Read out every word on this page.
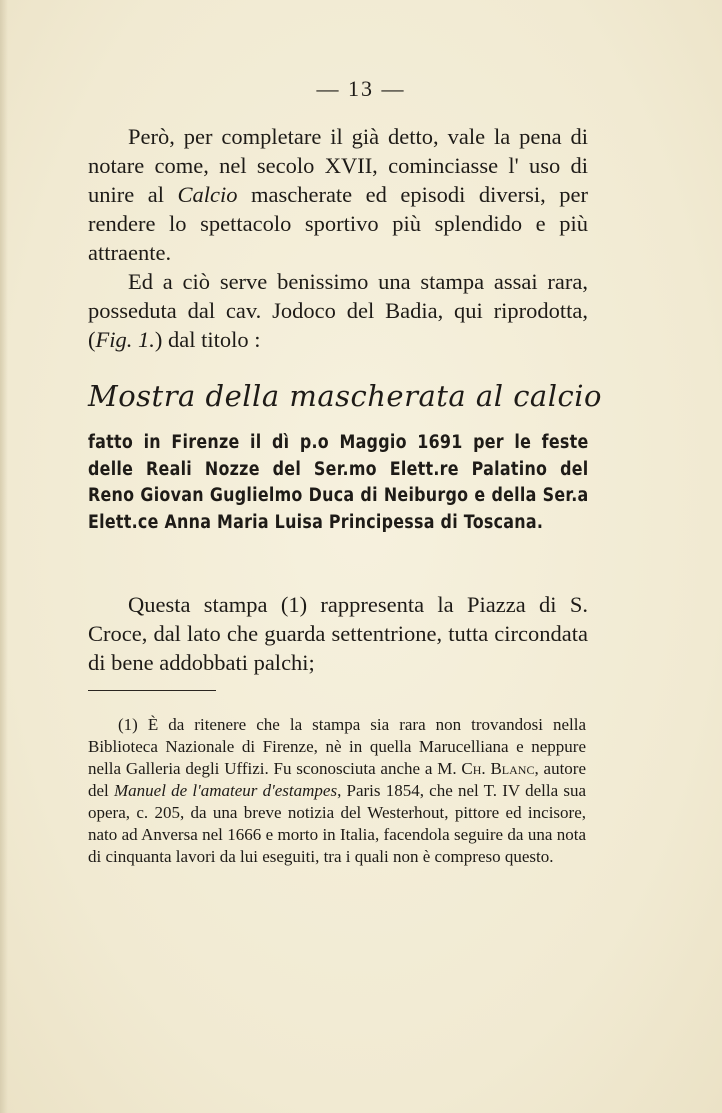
— 13 —

Però, per completare il già detto, vale la pena di notare come, nel secolo XVII, cominciasse l' uso di unire al Calcio mascherate ed episodi diversi, per rendere lo spettacolo sportivo più splendido e più attraente.

Ed a ciò serve benissimo una stampa assai rara, posseduta dal cav. Jodoco del Badia, qui riprodotta, (Fig. 1.) dal titolo :

Mostra della mascherata al calcio
fatto in Firenze il dì p.o Maggio 1691 per le feste delle Reali Nozze del Ser.mo Elett.re Palatino del Reno Giovan Guglielmo Duca di Neiburgo e della Ser.a Elett.ce Anna Maria Luisa Principessa di Toscana.

Questa stampa (1) rappresenta la Piazza di S. Croce, dal lato che guarda settentrione, tutta circondata di bene addobbati palchi;

(1) È da ritenere che la stampa sia rara non trovandosi nella Biblioteca Nazionale di Firenze, nè in quella Marucelliana e neppure nella Galleria degli Uffizi. Fu sconosciuta anche a M. Ch. Blanc, autore del Manuel de l'amateur d'estampes, Paris 1854, che nel T. IV della sua opera, c. 205, da una breve notizia del Westerhout, pittore ed incisore, nato ad Anversa nel 1666 e morto in Italia, facendola seguire da una nota di cinquanta lavori da lui eseguiti, tra i quali non è compreso questo.
